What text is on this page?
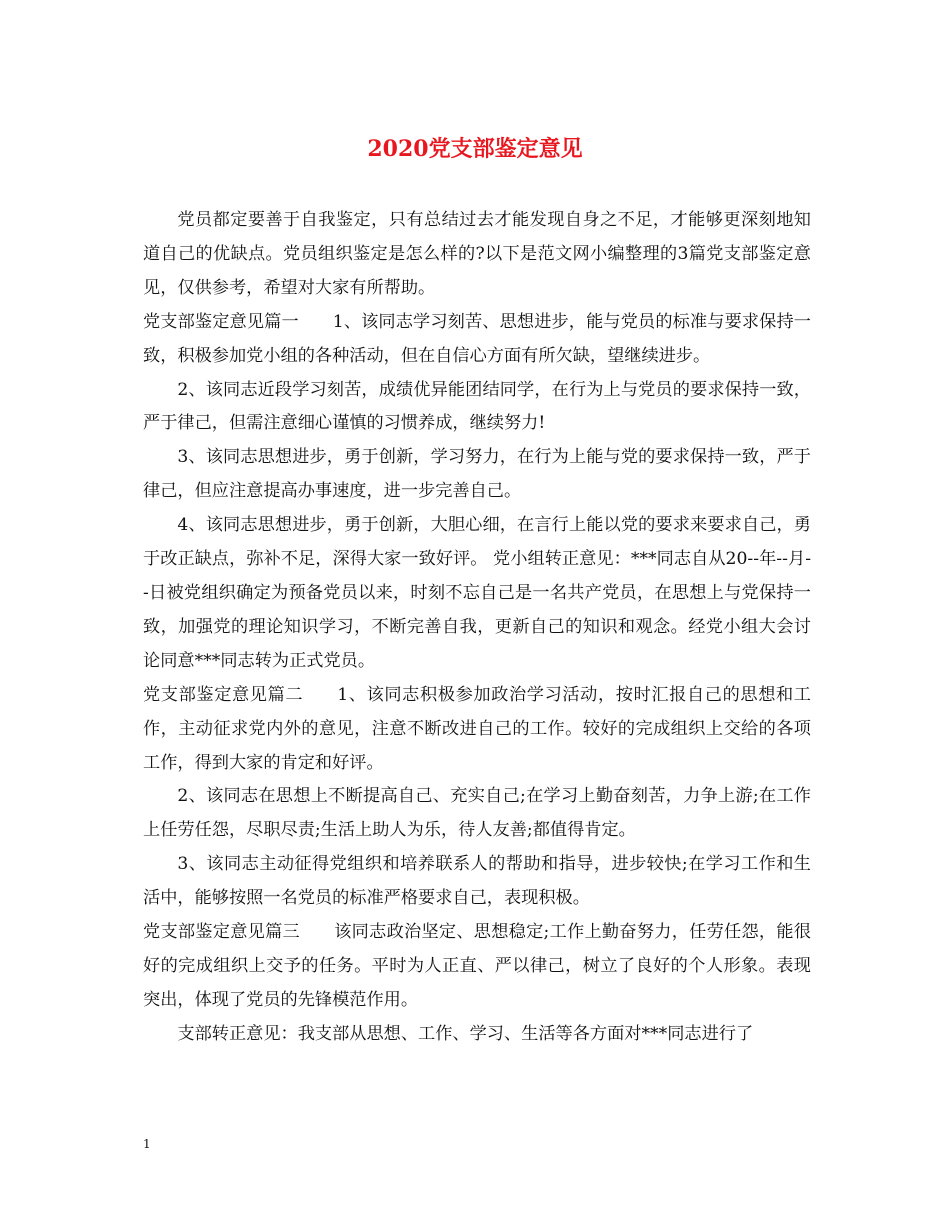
2020党支部鉴定意见

党员都定要善于自我鉴定，只有总结过去才能发现自身之不足，才能够更深刻地知道自己的优缺点。党员组织鉴定是怎么样的?以下是范文网小编整理的3篇党支部鉴定意见，仅供参考，希望对大家有所帮助。

党支部鉴定意见篇一 1、该同志学习刻苦、思想进步，能与党员的标准与要求保持一致，积极参加党小组的各种活动，但在自信心方面有所欠缺，望继续进步。

2、该同志近段学习刻苦，成绩优异能团结同学，在行为上与党员的要求保持一致，严于律己，但需注意细心谨慎的习惯养成，继续努力!

3、该同志思想进步，勇于创新，学习努力，在行为上能与党的要求保持一致，严于律己，但应注意提高办事速度，进一步完善自己。

4、该同志思想进步，勇于创新，大胆心细，在言行上能以党的要求来要求自己，勇于改正缺点，弥补不足，深得大家一致好评。 党小组转正意见：***同志自从20--年--月--日被党组织确定为预备党员以来，时刻不忘自己是一名共产党员，在思想上与党保持一致，加强党的理论知识学习，不断完善自我，更新自己的知识和观念。经党小组大会讨论同意***同志转为正式党员。

党支部鉴定意见篇二 1、该同志积极参加政治学习活动，按时汇报自己的思想和工作，主动征求党内外的意见，注意不断改进自己的工作。较好的完成组织上交给的各项工作，得到大家的肯定和好评。

2、该同志在思想上不断提高自己、充实自己;在学习上勤奋刻苦，力争上游;在工作上任劳任怨，尽职尽责;生活上助人为乐，待人友善;都值得肯定。

3、该同志主动征得党组织和培养联系人的帮助和指导，进步较快;在学习工作和生活中，能够按照一名党员的标准严格要求自己，表现积极。

党支部鉴定意见篇三 该同志政治坚定、思想稳定;工作上勤奋努力，任劳任怨，能很好的完成组织上交予的任务。平时为人正直、严以律己，树立了良好的个人形象。表现突出，体现了党员的先锋模范作用。

支部转正意见：我支部从思想、工作、学习、生活等各方面对***同志进行了

1
